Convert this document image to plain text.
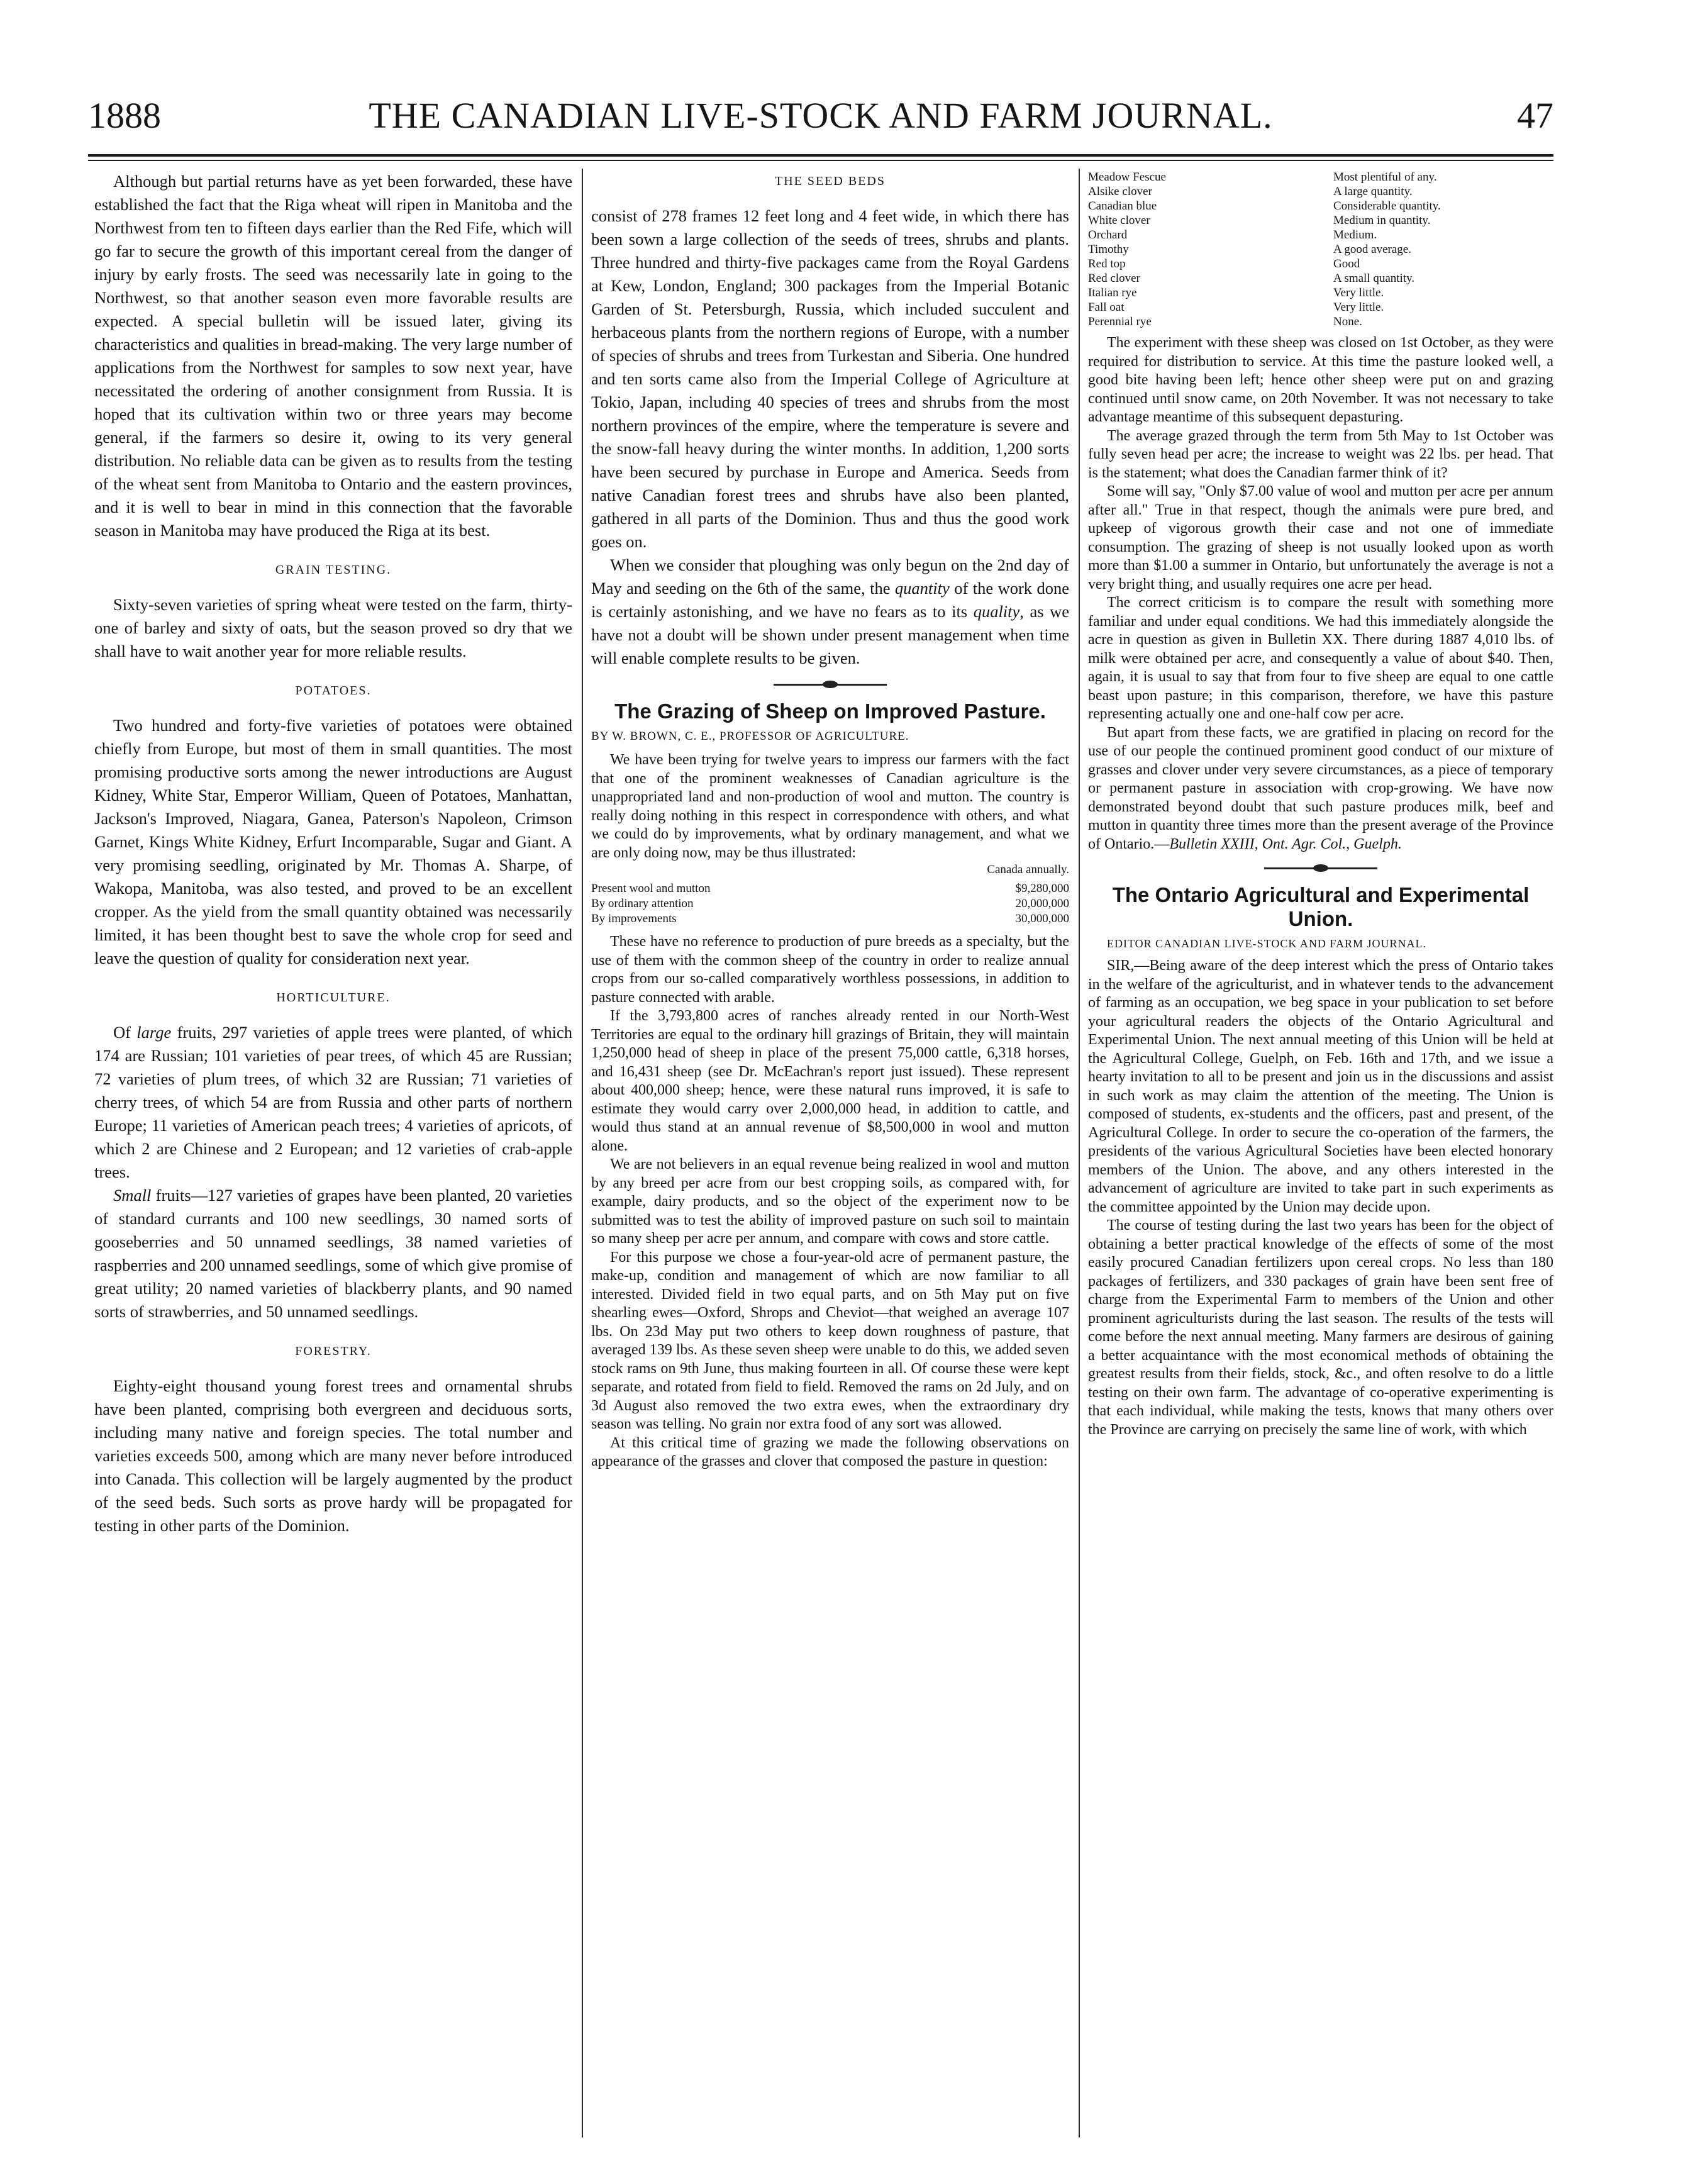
1888	THE CANADIAN LIVE-STOCK AND FARM JOURNAL.	47

Although but partial returns have as yet been forwarded, these have established the fact that the Riga wheat will ripen in Manitoba and the Northwest from ten to fifteen days earlier than the Red Fife, which will go far to secure the growth of this important cereal from the danger of injury by early frosts. The seed was necessarily late in going to the Northwest, so that another season even more favorable results are expected. A special bulletin will be issued later, giving its characteristics and qualities in bread-making. The very large number of applications from the Northwest for samples to sow next year, have necessitated the ordering of another consignment from Russia. It is hoped that its cultivation within two or three years may become general, if the farmers so desire it, owing to its very general distribution. No reliable data can be given as to results from the testing of the wheat sent from Manitoba to Ontario and the eastern provinces, and it is well to bear in mind in this connection that the favorable season in Manitoba may have produced the Riga at its best.

GRAIN TESTING.

Sixty-seven varieties of spring wheat were tested on the farm, thirty-one of barley and sixty of oats, but the season proved so dry that we shall have to wait another year for more reliable results.

POTATOES.

Two hundred and forty-five varieties of potatoes were obtained chiefly from Europe, but most of them in small quantities. The most promising productive sorts among the newer introductions are August Kidney, White Star, Emperor William, Queen of Potatoes, Manhattan, Jackson's Improved, Niagara, Ganea, Paterson's Napoleon, Crimson Garnet, Kings White Kidney, Erfurt Incomparable, Sugar and Giant. A very promising seedling, originated by Mr. Thomas A. Sharpe, of Wakopa, Manitoba, was also tested, and proved to be an excellent cropper. As the yield from the small quantity obtained was necessarily limited, it has been thought best to save the whole crop for seed and leave the question of quality for consideration next year.

HORTICULTURE.

Of large fruits, 297 varieties of apple trees were planted, of which 174 are Russian; 101 varieties of pear trees, of which 45 are Russian; 72 varieties of plum trees, of which 32 are Russian; 71 varieties of cherry trees, of which 54 are from Russia and other parts of northern Europe; 11 varieties of American peach trees; 4 varieties of apricots, of which 2 are Chinese and 2 European; and 12 varieties of crab-apple trees.

Small fruits—127 varieties of grapes have been planted, 20 varieties of standard currants and 100 new seedlings, 30 named sorts of gooseberries and 50 unnamed seedlings, 38 named varieties of raspberries and 200 unnamed seedlings, some of which give promise of great utility; 20 named varieties of blackberry plants, and 90 named sorts of strawberries, and 50 unnamed seedlings.

FORESTRY.

Eighty-eight thousand young forest trees and ornamental shrubs have been planted, comprising both evergreen and deciduous sorts, including many native and foreign species. The total number and varieties exceeds 500, among which are many never before introduced into Canada. This collection will be largely augmented by the product of the seed beds. Such sorts as prove hardy will be propagated for testing in other parts of the Dominion.

THE SEED BEDS

consist of 278 frames 12 feet long and 4 feet wide, in which there has been sown a large collection of the seeds of trees, shrubs and plants. Three hundred and thirty-five packages came from the Royal Gardens at Kew, London, England; 300 packages from the Imperial Botanic Garden of St. Petersburgh, Russia, which included succulent and herbaceous plants from the northern regions of Europe, with a number of species of shrubs and trees from Turkestan and Siberia. One hundred and ten sorts came also from the Imperial College of Agriculture at Tokio, Japan, including 40 species of trees and shrubs from the most northern provinces of the empire, where the temperature is severe and the snow-fall heavy during the winter months. In addition, 1,200 sorts have been secured by purchase in Europe and America. Seeds from native Canadian forest trees and shrubs have also been planted, gathered in all parts of the Dominion. Thus and thus the good work goes on.

When we consider that ploughing was only begun on the 2nd day of May and seeding on the 6th of the same, the quantity of the work done is certainly astonishing, and we have no fears as to its quality, as we have not a doubt will be shown under present management when time will enable complete results to be given.

The Grazing of Sheep on Improved Pasture.
BY W. BROWN, C. E., PROFESSOR OF AGRICULTURE.

We have been trying for twelve years to impress our farmers with the fact that one of the prominent weaknesses of Canadian agriculture is the unappropriated land and non-production of wool and mutton. The country is really doing nothing in this respect in correspondence with others, and what we could do by improvements, what by ordinary management, and what we are only doing now, may be thus illustrated:

Canada annually.
Present wool and mutton	$9,280,000
By ordinary attention	20,000,000
By improvements	30,000,000

These have no reference to production of pure breeds as a specialty, but the use of them with the common sheep of the country in order to realize annual crops from our so-called comparatively worthless possessions, in addition to pasture connected with arable.

If the 3,793,800 acres of ranches already rented in our North-West Territories are equal to the ordinary hill grazings of Britain, they will maintain 1,250,000 head of sheep in place of the present 75,000 cattle, 6,318 horses, and 16,431 sheep (see Dr. McEachran's report just issued). These represent about 400,000 sheep; hence, were these natural runs improved, it is safe to estimate they would carry over 2,000,000 head, in addition to cattle, and would thus stand at an annual revenue of $8,500,000 in wool and mutton alone.

We are not believers in an equal revenue being realized in wool and mutton by any breed per acre from our best cropping soils, as compared with, for example, dairy products, and so the object of the experiment now to be submitted was to test the ability of improved pasture on such soil to maintain so many sheep per acre per annum, and compare with cows and store cattle.

For this purpose we chose a four-year-old acre of permanent pasture, the make-up, condition and management of which are now familiar to all interested. Divided field in two equal parts, and on 5th May put on five shearling ewes—Oxford, Shrops and Cheviot—that weighed an average 107 lbs. On 23d May put two others to keep down roughness of pasture, that averaged 139 lbs. As these seven sheep were unable to do this, we added seven stock rams on 9th June, thus making fourteen in all. Of course these were kept separate, and rotated from field to field. Removed the rams on 2d July, and on 3d August also removed the two extra ewes, when the extraordinary dry season was telling. No grain nor extra food of any sort was allowed.

At this critical time of grazing we made the following observations on appearance of the grasses and clover that composed the pasture in question:

Meadow Fescue	Most plentiful of any.
Alsike clover	A large quantity.
Canadian blue	Considerable quantity.
White clover	Medium in quantity.
Orchard	Medium.
Timothy	A good average.
Red top	Good
Red clover	A small quantity.
Italian rye	Very little.
Fall oat	Very little.
Perennial rye	None.

The experiment with these sheep was closed on 1st October, as they were required for distribution to service. At this time the pasture looked well, a good bite having been left; hence other sheep were put on and grazing continued until snow came, on 20th November. It was not necessary to take advantage meantime of this subsequent depasturing.

The average grazed through the term from 5th May to 1st October was fully seven head per acre; the increase to weight was 22 lbs. per head. That is the statement; what does the Canadian farmer think of it?

Some will say, "Only $7.00 value of wool and mutton per acre per annum after all." True in that respect, though the animals were pure bred, and upkeep of vigorous growth their case and not one of immediate consumption. The grazing of sheep is not usually looked upon as worth more than $1.00 a summer in Ontario, but unfortunately the average is not a very bright thing, and usually requires one acre per head.

The correct criticism is to compare the result with something more familiar and under equal conditions. We had this immediately alongside the acre in question as given in Bulletin XX. There during 1887 4,010 lbs. of milk were obtained per acre, and consequently a value of about $40. Then, again, it is usual to say that from four to five sheep are equal to one cattle beast upon pasture; in this comparison, therefore, we have this pasture representing actually one and one-half cow per acre.

But apart from these facts, we are gratified in placing on record for the use of our people the continued prominent good conduct of our mixture of grasses and clover under very severe circumstances, as a piece of temporary or permanent pasture in association with crop-growing. We have now demonstrated beyond doubt that such pasture produces milk, beef and mutton in quantity three times more than the present average of the Province of Ontario.—Bulletin XXIII, Ont. Agr. Col., Guelph.

The Ontario Agricultural and Experimental Union.
EDITOR CANADIAN LIVE-STOCK AND FARM JOURNAL.

SIR,—Being aware of the deep interest which the press of Ontario takes in the welfare of the agriculturist, and in whatever tends to the advancement of farming as an occupation, we beg space in your publication to set before your agricultural readers the objects of the Ontario Agricultural and Experimental Union. The next annual meeting of this Union will be held at the Agricultural College, Guelph, on Feb. 16th and 17th, and we issue a hearty invitation to all to be present and join us in the discussions and assist in such work as may claim the attention of the meeting. The Union is composed of students, ex-students and the officers, past and present, of the Agricultural College. In order to secure the co-operation of the farmers, the presidents of the various Agricultural Societies have been elected honorary members of the Union. The above, and any others interested in the advancement of agriculture are invited to take part in such experiments as the committee appointed by the Union may decide upon.

The course of testing during the last two years has been for the object of obtaining a better practical knowledge of the effects of some of the most easily procured Canadian fertilizers upon cereal crops. No less than 180 packages of fertilizers, and 330 packages of grain have been sent free of charge from the Experimental Farm to members of the Union and other prominent agriculturists during the last season. The results of the tests will come before the next annual meeting. Many farmers are desirous of gaining a better acquaintance with the most economical methods of obtaining the greatest results from their fields, stock, &c., and often resolve to do a little testing on their own farm. The advantage of co-operative experimenting is that each individual, while making the tests, knows that many others over the Province are carrying on precisely the same line of work, with which
